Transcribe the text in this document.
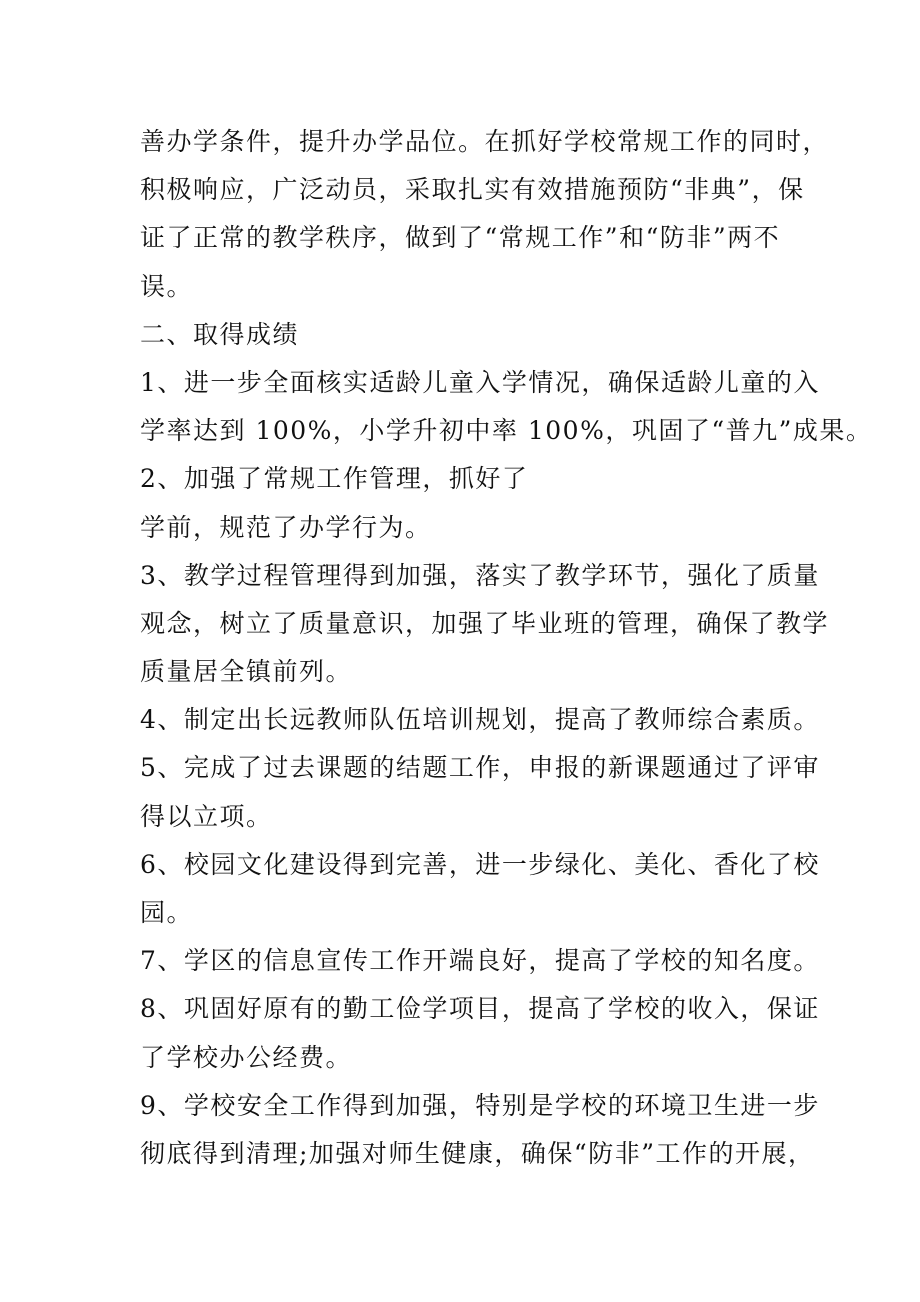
善办学条件，提升办学品位。在抓好学校常规工作的同时，
积极响应，广泛动员，采取扎实有效措施预防“非典”，保
证了正常的教学秩序，做到了“常规工作”和“防非”两不
误。
二、取得成绩
1、进一步全面核实适龄儿童入学情况，确保适龄儿童的入
学率达到 100%，小学升初中率 100%，巩固了“普九”成果。
2、加强了常规工作管理，抓好了
学前，规范了办学行为。
3、教学过程管理得到加强，落实了教学环节，强化了质量
观念，树立了质量意识，加强了毕业班的管理，确保了教学
质量居全镇前列。
4、制定出长远教师队伍培训规划，提高了教师综合素质。
5、完成了过去课题的结题工作，申报的新课题通过了评审
得以立项。
6、校园文化建设得到完善，进一步绿化、美化、香化了校
园。
7、学区的信息宣传工作开端良好，提高了学校的知名度。
8、巩固好原有的勤工俭学项目，提高了学校的收入，保证
了学校办公经费。
9、学校安全工作得到加强，特别是学校的环境卫生进一步
彻底得到清理;加强对师生健康，确保“防非”工作的开展，
